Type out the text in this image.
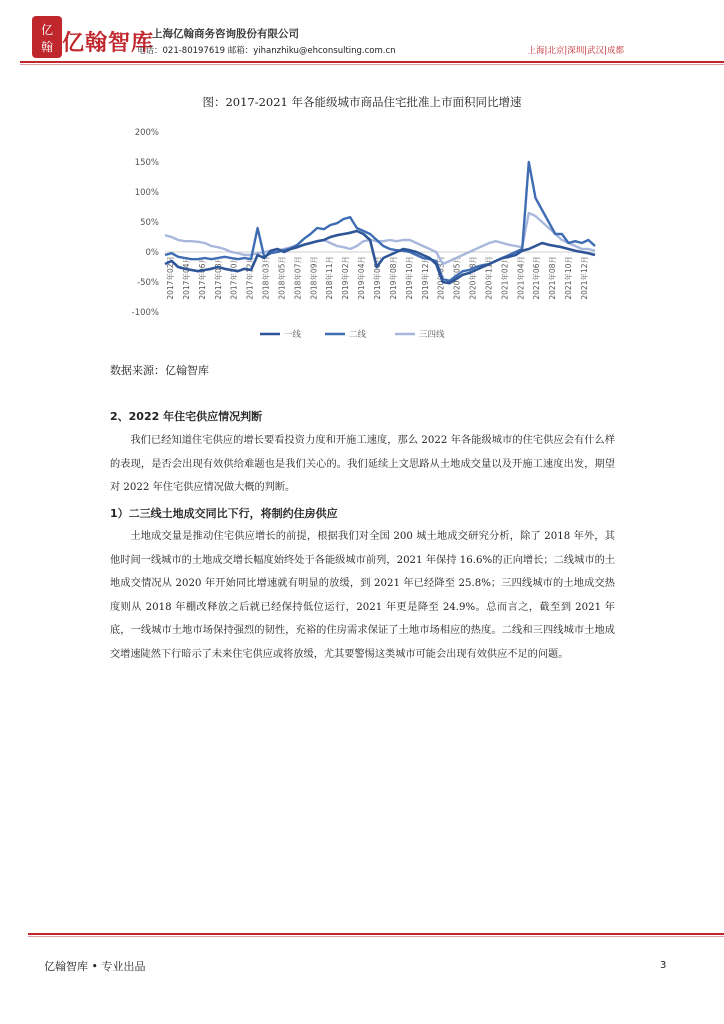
亿
翰 亿翰智库
上海亿翰商务咨询股份有限公司
电话：021-80197619 邮箱：yihanzhiku@ehconsulting.com.cn	上海|北京|深圳|武汉|成都
图：2017-2021 年各能级城市商品住宅批准上市面积同比增速
200%
150%
100%
50%
0%
-50%
-100%
2017年02月 2017年04月 2017年06月 2017年08月 2017年10月 2017年12月 2018年03月 2018年05月 2018年07月 2018年09月 2018年11月 2019年02月 2019年04月 2019年06月 2019年08月 2019年10月 2019年12月 2020年03月 2020年05月 2020年08月 2020年11月 2021年02月 2021年04月 2021年06月 2021年08月 2021年10月 2021年12月
一线	二线	三四线
数据来源：亿翰智库
2、2022 年住宅供应情况判断
我们已经知道住宅供应的增长要看投资力度和开施工速度，那么 2022 年各能级城市的住宅供应会有什么样的表现，是否会出现有效供给难题也是我们关心的。我们延续上文思路从土地成交量以及开施工速度出发，期望对 2022 年住宅供应情况做大概的判断。
1）二三线土地成交同比下行，将制约住房供应
土地成交量是推动住宅供应增长的前提，根据我们对全国 200 城土地成交研究分析，除了 2018 年外，其他时间一线城市的土地成交增长幅度始终处于各能级城市前列，2021 年保持 16.6%的正向增长；二线城市的土地成交情况从 2020 年开始同比增速就有明显的放缓，到 2021 年已经降至 25.8%；三四线城市的土地成交热度则从 2018 年棚改释放之后就已经保持低位运行，2021 年更是降至 24.9%。总而言之，截至到 2021 年底，一线城市土地市场保持强烈的韧性，充裕的住房需求保证了土地市场相应的热度。二线和三四线城市土地成交增速陡然下行暗示了未来住宅供应或将放缓，尤其要警惕这类城市可能会出现有效供应不足的问题。
亿翰智库 • 专业出品	3
